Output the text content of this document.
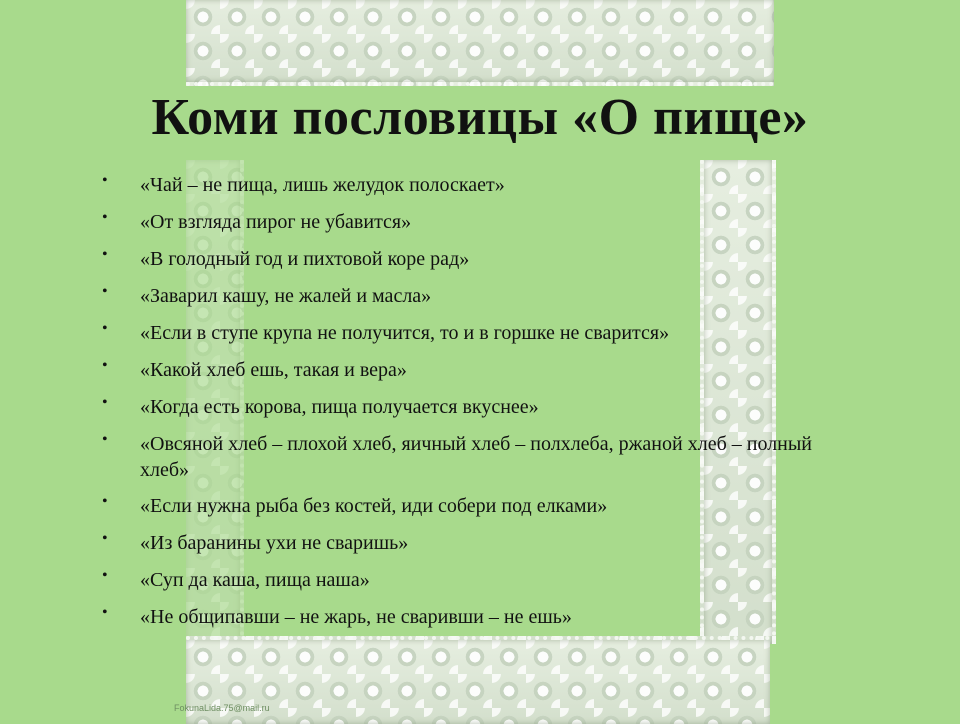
Коми пословицы «О пище»
• «Чай – не пища, лишь желудок полоскает»
• «От взгляда пирог не убавится»
• «В голодный год и пихтовой коре рад»
• «Заварил кашу, не жалей и масла»
• «Если в ступе крупа не получится, то и в горшке не сварится»
• «Какой хлеб ешь, такая и вера»
• «Когда есть корова, пища получается вкуснее»
• «Овсяной хлеб – плохой хлеб, яичный хлеб – полхлеба, ржаной хлеб – полный хлеб»
• «Если нужна рыба без костей, иди собери под елками»
• «Из баранины ухи не сваришь»
• «Суп да каша, пища наша»
• «Не общипавши – не жарь, не сваривши – не ешь»
FokunaLida.75@mail.ru
